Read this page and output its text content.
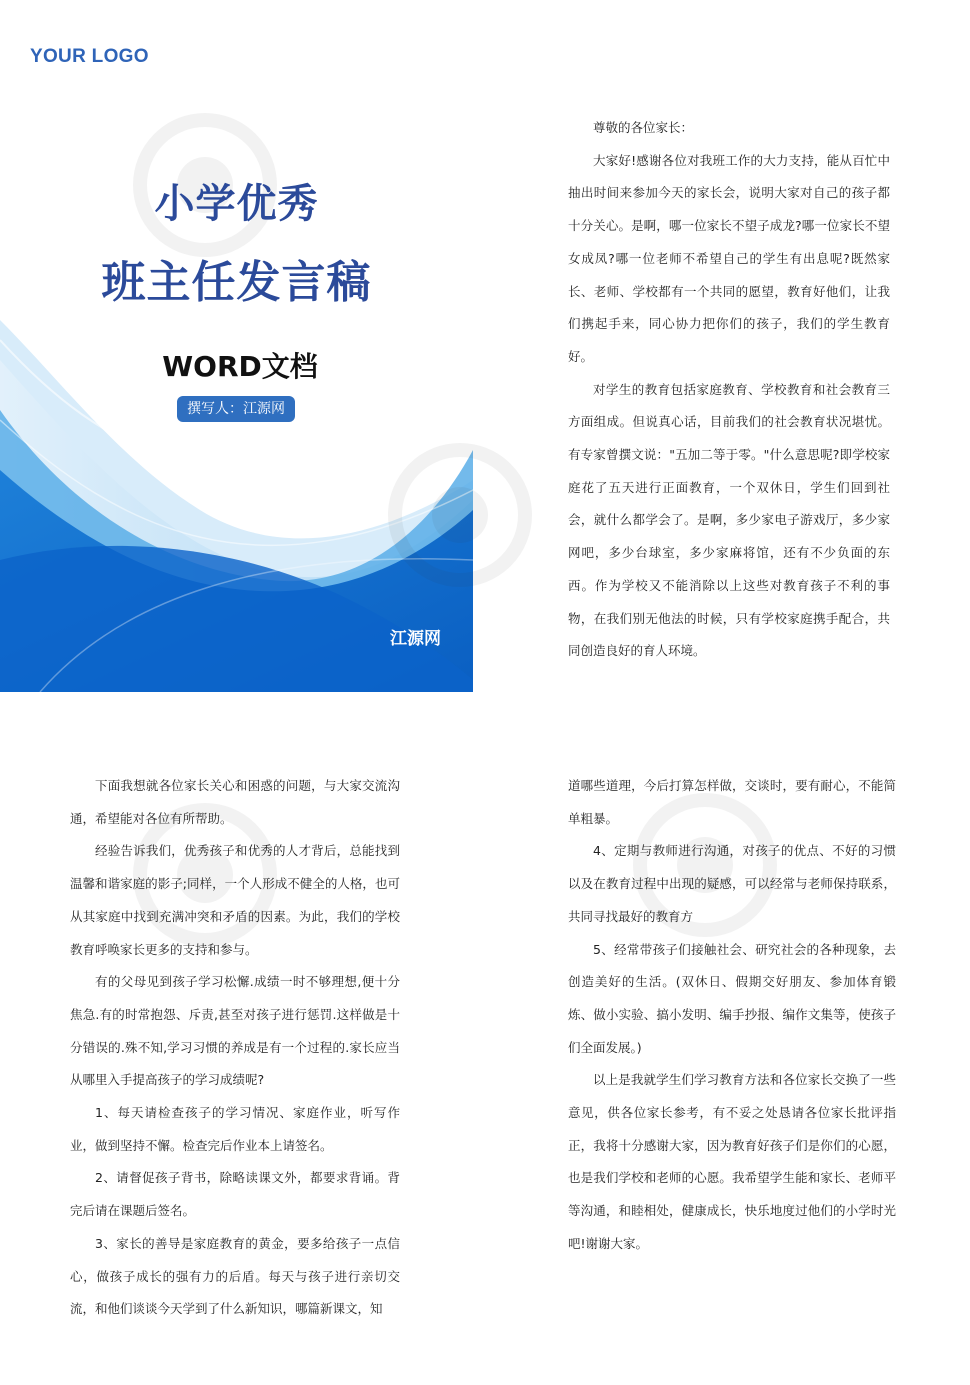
YOUR LOGO
小学优秀
班主任发言稿
WORD文档
撰写人：江源网
江源网

尊敬的各位家长：

大家好!感谢各位对我班工作的大力支持，能从百忙中抽出时间来参加今天的家长会，说明大家对自己的孩子都十分关心。是啊，哪一位家长不望子成龙?哪一位家长不望女成凤?哪一位老师不希望自己的学生有出息呢?既然家长、老师、学校都有一个共同的愿望，教育好他们，让我们携起手来，同心协力把你们的孩子，我们的学生教育好。

对学生的教育包括家庭教育、学校教育和社会教育三方面组成。但说真心话，目前我们的社会教育状况堪忧。有专家曾撰文说："五加二等于零。"什么意思呢?即学校家庭花了五天进行正面教育，一个双休日，学生们回到社会，就什么都学会了。是啊，多少家电子游戏厅，多少家网吧，多少台球室，多少家麻将馆，还有不少负面的东西。作为学校又不能消除以上这些对教育孩子不利的事物，在我们别无他法的时候，只有学校家庭携手配合，共同创造良好的育人环境。

下面我想就各位家长关心和困惑的问题，与大家交流沟通，希望能对各位有所帮助。

经验告诉我们，优秀孩子和优秀的人才背后，总能找到温馨和谐家庭的影子;同样，一个人形成不健全的人格，也可从其家庭中找到充满冲突和矛盾的因素。为此，我们的学校教育呼唤家长更多的支持和参与。

有的父母见到孩子学习松懈.成绩一时不够理想,便十分焦急.有的时常抱怨、斥责,甚至对孩子进行惩罚.这样做是十分错误的.殊不知,学习习惯的养成是有一个过程的.家长应当从哪里入手提高孩子的学习成绩呢?

1、每天请检查孩子的学习情况、家庭作业，听写作业，做到坚持不懈。检查完后作业本上请签名。

2、请督促孩子背书，除略读课文外，都要求背诵。背完后请在课题后签名。

3、家长的善导是家庭教育的黄金，要多给孩子一点信心，做孩子成长的强有力的后盾。每天与孩子进行亲切交流，和他们谈谈今天学到了什么新知识，哪篇新课文，知

道哪些道理，今后打算怎样做，交谈时，要有耐心，不能简单粗暴。

4、定期与教师进行沟通，对孩子的优点、不好的习惯以及在教育过程中出现的疑感，可以经常与老师保持联系，共同寻找最好的教育方

5、经常带孩子们接触社会、研究社会的各种现象，去创造美好的生活。(双休日、假期交好朋友、参加体育锻炼、做小实验、搞小发明、编手抄报、编作文集等，使孩子们全面发展。)

以上是我就学生们学习教育方法和各位家长交换了一些意见，供各位家长参考，有不妥之处恳请各位家长批评指正，我将十分感谢大家，因为教育好孩子们是你们的心愿，也是我们学校和老师的心愿。我希望学生能和家长、老师平等沟通，和睦相处，健康成长，快乐地度过他们的小学时光吧!谢谢大家。
